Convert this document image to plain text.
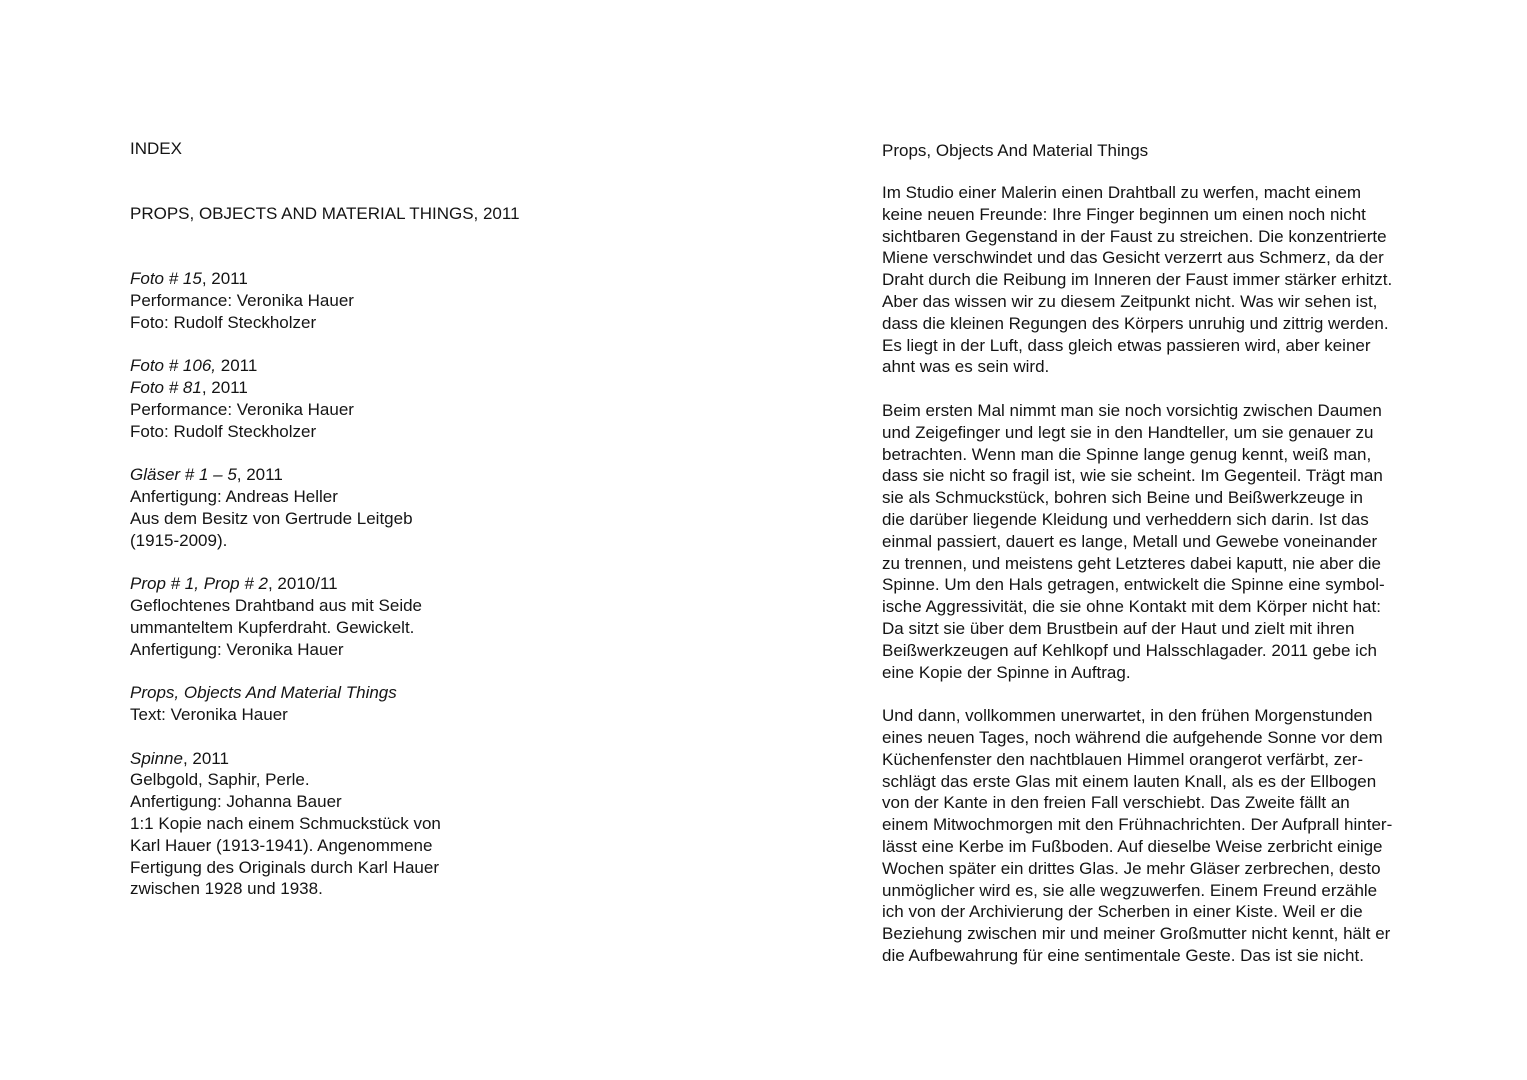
INDEX
PROPS, OBJECTS AND MATERIAL THINGS, 2011
Foto # 15, 2011
Performance: Veronika Hauer
Foto: Rudolf Steckholzer
Foto # 106, 2011
Foto # 81, 2011
Performance: Veronika Hauer
Foto: Rudolf Steckholzer
Gläser # 1 – 5, 2011
Anfertigung: Andreas Heller
Aus dem Besitz von Gertrude Leitgeb
(1915-2009).
Prop # 1, Prop # 2, 2010/11
Geflochtenes Drahtband aus mit Seide
ummanteltem Kupferdraht. Gewickelt.
Anfertigung: Veronika Hauer
Props, Objects And Material Things
Text: Veronika Hauer
Spinne, 2011
Gelbgold, Saphir, Perle.
Anfertigung: Johanna Bauer
1:1 Kopie nach einem Schmuckstück von
Karl Hauer (1913-1941). Angenommene
Fertigung des Originals durch Karl Hauer
zwischen 1928 und 1938.
Props, Objects And Material Things
Im Studio einer Malerin einen Drahtball zu werfen, macht einem
keine neuen Freunde: Ihre Finger beginnen um einen noch nicht
sichtbaren Gegenstand in der Faust zu streichen. Die konzentrierte
Miene verschwindet und das Gesicht verzerrt aus Schmerz, da der
Draht durch die Reibung im Inneren der Faust immer stärker erhitzt.
Aber das wissen wir zu diesem Zeitpunkt nicht. Was wir sehen ist,
dass die kleinen Regungen des Körpers unruhig und zittrig werden.
Es liegt in der Luft, dass gleich etwas passieren wird, aber keiner
ahnt was es sein wird.
Beim ersten Mal nimmt man sie noch vorsichtig zwischen Daumen
und Zeigefinger und legt sie in den Handteller, um sie genauer zu
betrachten. Wenn man die Spinne lange genug kennt, weiß man,
dass sie nicht so fragil ist, wie sie scheint. Im Gegenteil. Trägt man
sie als Schmuckstück, bohren sich Beine und Beißwerkzeuge in
die darüber liegende Kleidung und verheddern sich darin. Ist das
einmal passiert, dauert es lange, Metall und Gewebe voneinander
zu trennen, und meistens geht Letzteres dabei kaputt, nie aber die
Spinne. Um den Hals getragen, entwickelt die Spinne eine symbol-
ische Aggressivität, die sie ohne Kontakt mit dem Körper nicht hat:
Da sitzt sie über dem Brustbein auf der Haut und zielt mit ihren
Beißwerkzeugen auf Kehlkopf und Halsschlagader. 2011 gebe ich
eine Kopie der Spinne in Auftrag.
Und dann, vollkommen unerwartet, in den frühen Morgenstunden
eines neuen Tages, noch während die aufgehende Sonne vor dem
Küchenfenster den nachtblauen Himmel orangerot verfärbt, zer-
schlägt das erste Glas mit einem lauten Knall, als es der Ellbogen
von der Kante in den freien Fall verschiebt. Das Zweite fällt an
einem Mitwochmorgen mit den Frühnachrichten. Der Aufprall hinter-
lässt eine Kerbe im Fußboden. Auf dieselbe Weise zerbricht einige
Wochen später ein drittes Glas. Je mehr Gläser zerbrechen, desto
unmöglicher wird es, sie alle wegzuwerfen. Einem Freund erzähle
ich von der Archivierung der Scherben in einer Kiste. Weil er die
Beziehung zwischen mir und meiner Großmutter nicht kennt, hält er
die Aufbewahrung für eine sentimentale Geste. Das ist sie nicht.
